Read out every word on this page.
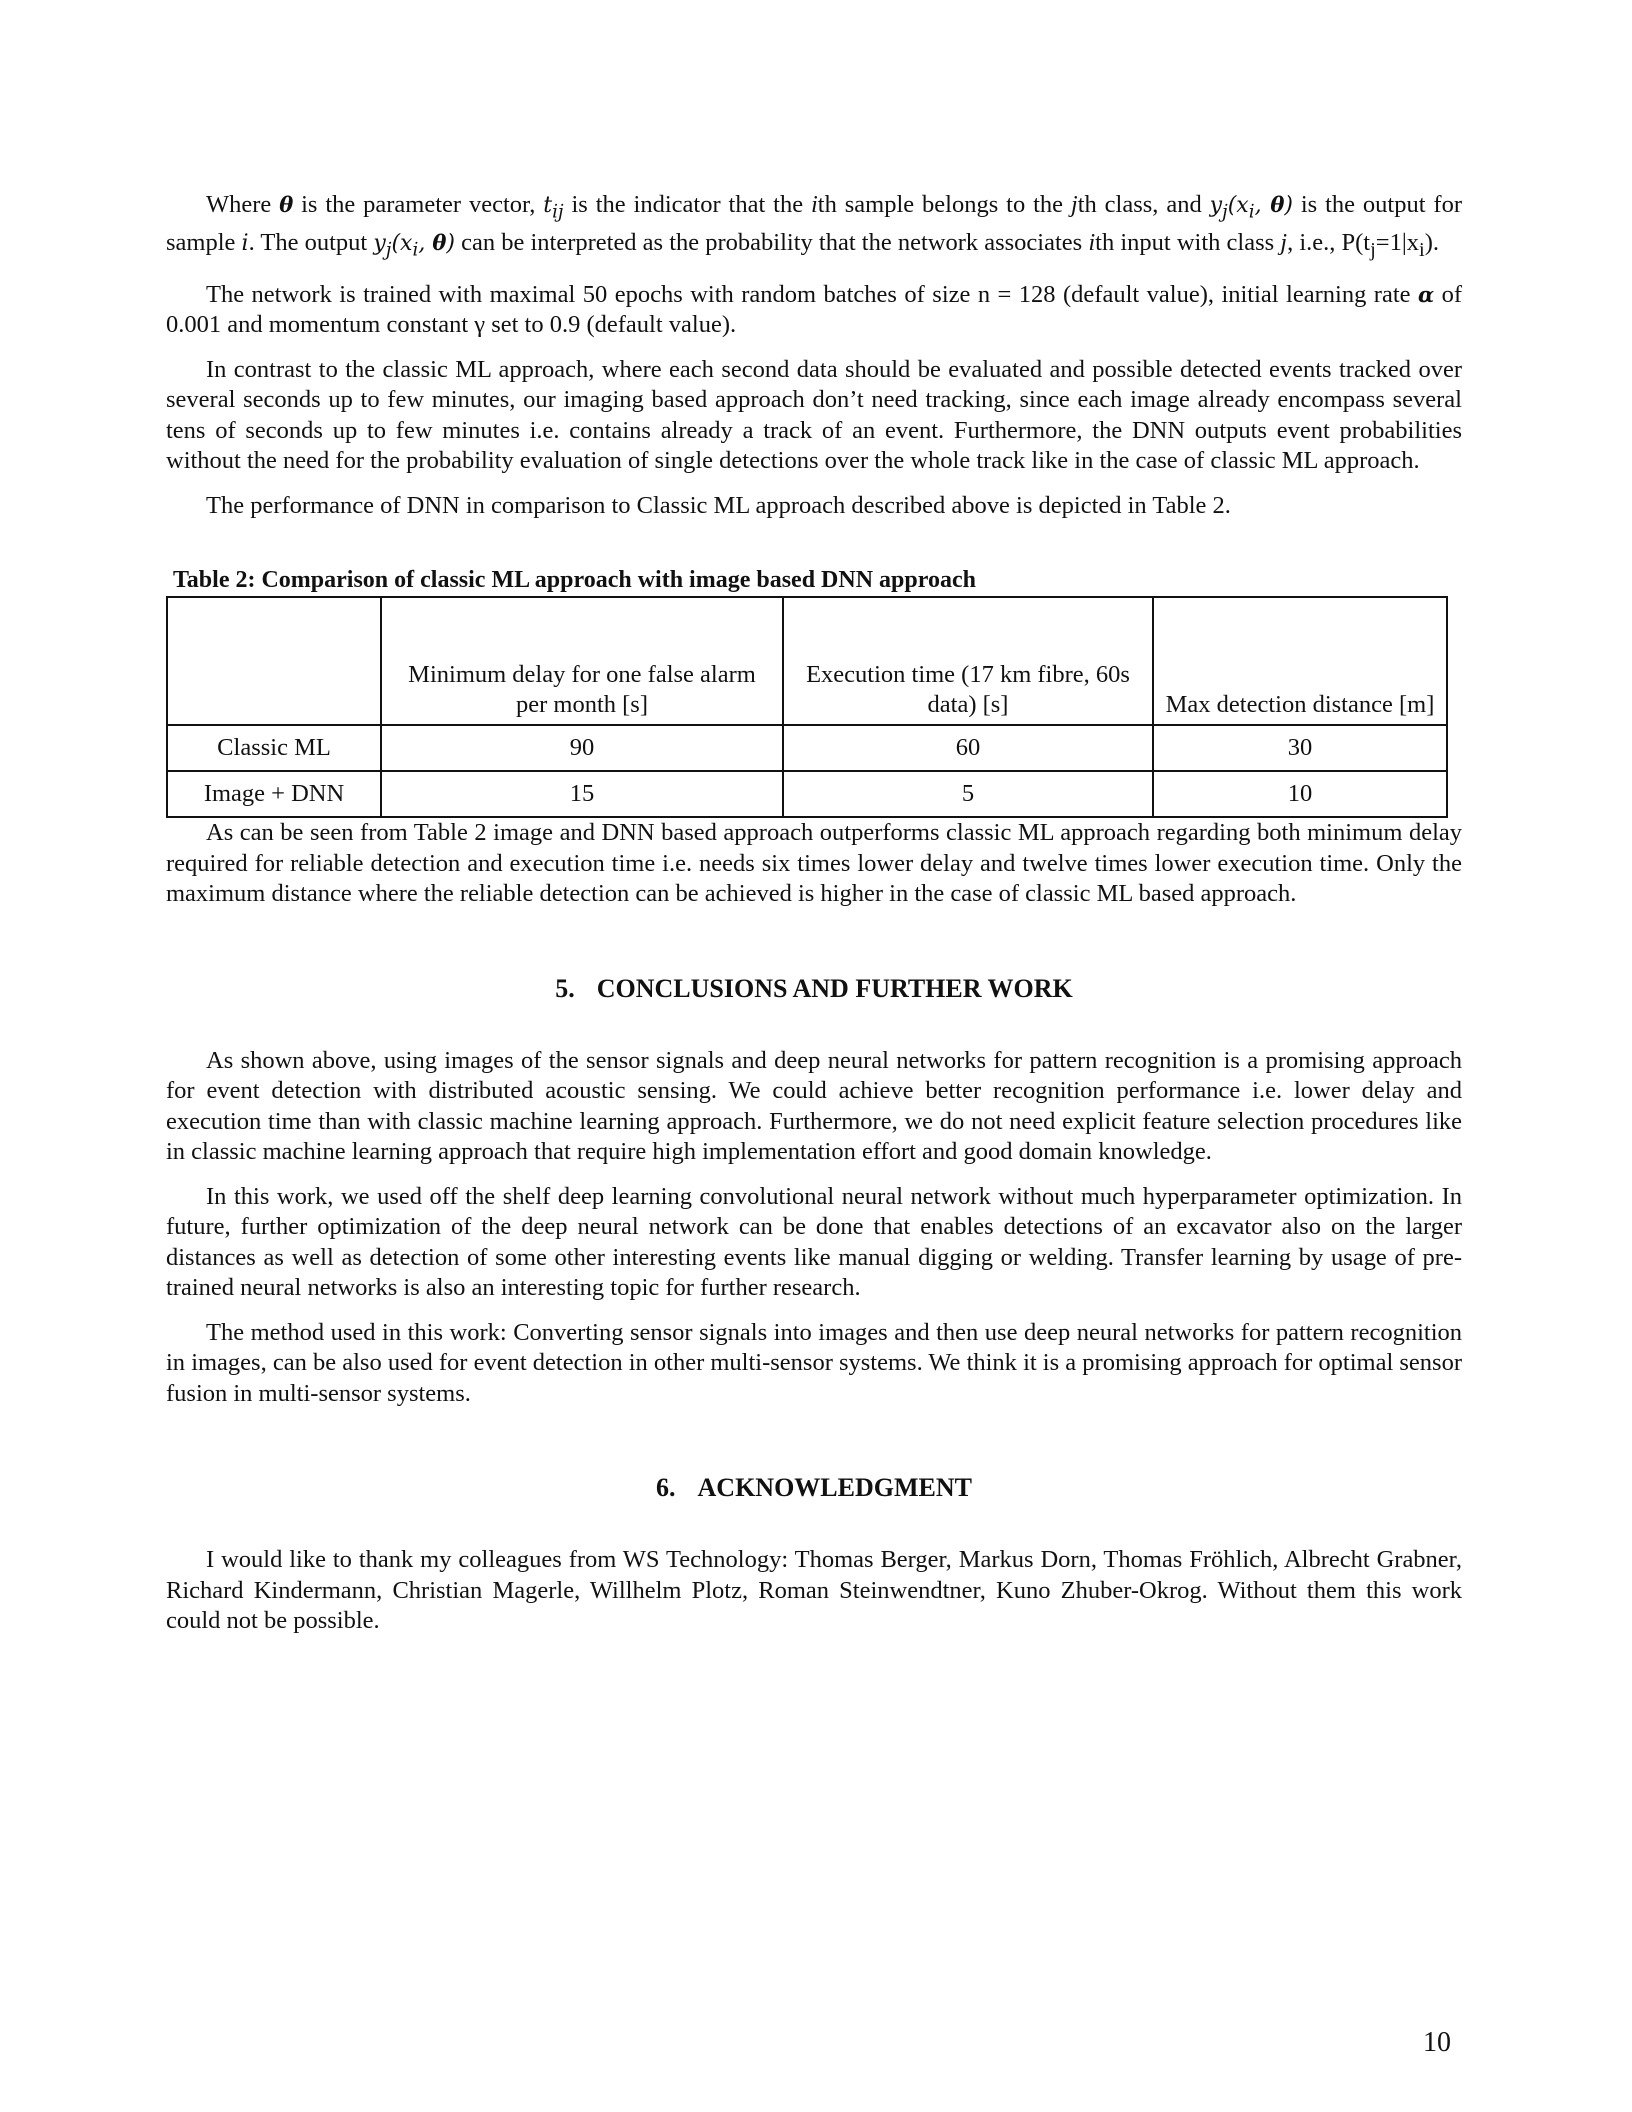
Where θ is the parameter vector, $t_{ij}$ is the indicator that the ith sample belongs to the jth class, and $y_j(x_i$, θ) is the output for sample i. The output $y_j(x_i$, θ) can be interpreted as the probability that the network associates ith input with class j, i.e., $P(t_j=1|x_i)$.

The network is trained with maximal 50 epochs with random batches of size n = 128 (default value), initial learning rate α of 0.001 and momentum constant γ set to 0.9 (default value).

In contrast to the classic ML approach, where each second data should be evaluated and possible detected events tracked over several seconds up to few minutes, our imaging based approach don’t need tracking, since each image already encompass several tens of seconds up to few minutes i.e. contains already a track of an event. Furthermore, the DNN outputs event probabilities without the need for the probability evaluation of single detections over the whole track like in the case of classic ML approach.

The performance of DNN in comparison to Classic ML approach described above is depicted in Table 2.

Table 2: Comparison of classic ML approach with image based DNN approach
	Minimum delay for one false alarm per month [s]	Execution time (17 km fibre, 60s data) [s]	Max detection distance [m]
Classic ML	90	60	30
Image + DNN	15	5	10

As can be seen from Table 2 image and DNN based approach outperforms classic ML approach regarding both minimum delay required for reliable detection and execution time i.e. needs six times lower delay and twelve times lower execution time. Only the maximum distance where the reliable detection can be achieved is higher in the case of classic ML based approach.

5. CONCLUSIONS AND FURTHER WORK

As shown above, using images of the sensor signals and deep neural networks for pattern recognition is a promising approach for event detection with distributed acoustic sensing. We could achieve better recognition performance i.e. lower delay and execution time than with classic machine learning approach. Furthermore, we do not need explicit feature selection procedures like in classic machine learning approach that require high implementation effort and good domain knowledge.

In this work, we used off the shelf deep learning convolutional neural network without much hyperparameter optimization. In future, further optimization of the deep neural network can be done that enables detections of an excavator also on the larger distances as well as detection of some other interesting events like manual digging or welding. Transfer learning by usage of pre-trained neural networks is also an interesting topic for further research.

The method used in this work: Converting sensor signals into images and then use deep neural networks for pattern recognition in images, can be also used for event detection in other multi-sensor systems. We think it is a promising approach for optimal sensor fusion in multi-sensor systems.

6. ACKNOWLEDGMENT

I would like to thank my colleagues from WS Technology: Thomas Berger, Markus Dorn, Thomas Fröhlich, Albrecht Grabner, Richard Kindermann, Christian Magerle, Willhelm Plotz, Roman Steinwendtner, Kuno Zhuber-Okrog. Without them this work could not be possible.

10
